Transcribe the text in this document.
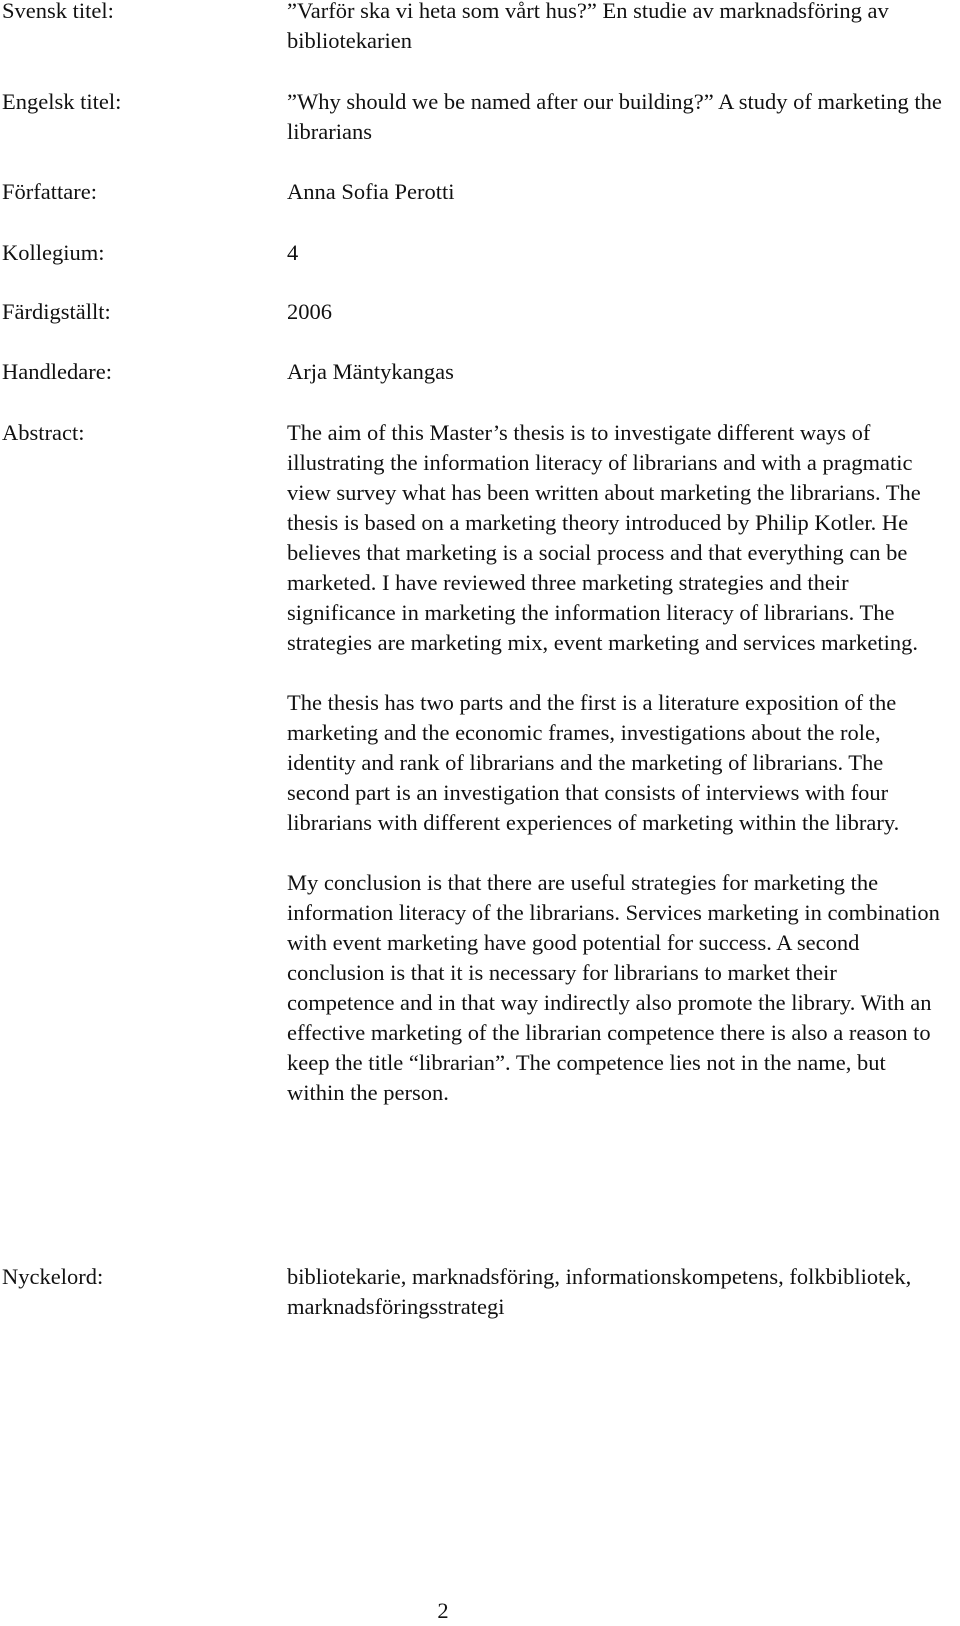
Svensk titel:	”Varför ska vi heta som vårt hus?” En studie av marknadsföring av bibliotekarien
Engelsk titel:	”Why should we be named after our building?” A study of marketing the librarians
Författare:	Anna Sofia Perotti
Kollegium:	4
Färdigställt:	2006
Handledare:	Arja Mäntykangas
Abstract:	The aim of this Master’s thesis is to investigate different ways of illustrating the information literacy of librarians and with a pragmatic view survey what has been written about marketing the librarians. The thesis is based on a marketing theory introduced by Philip Kotler. He believes that marketing is a social process and that everything can be marketed. I have reviewed three marketing strategies and their significance in marketing the information literacy of librarians. The strategies are marketing mix, event marketing and services marketing.

The thesis has two parts and the first is a literature exposition of the marketing and the economic frames, investigations about the role, identity and rank of librarians and the marketing of librarians. The second part is an investigation that consists of interviews with four librarians with different experiences of marketing within the library.

My conclusion is that there are useful strategies for marketing the information literacy of the librarians. Services marketing in combination with event marketing have good potential for success. A second conclusion is that it is necessary for librarians to market their competence and in that way indirectly also promote the library. With an effective marketing of the librarian competence there is also a reason to keep the title “librarian”. The competence lies not in the name, but within the person.

Nyckelord:	bibliotekarie, marknadsföring, informationskompetens, folkbibliotek, marknadsföringsstrategi
2
